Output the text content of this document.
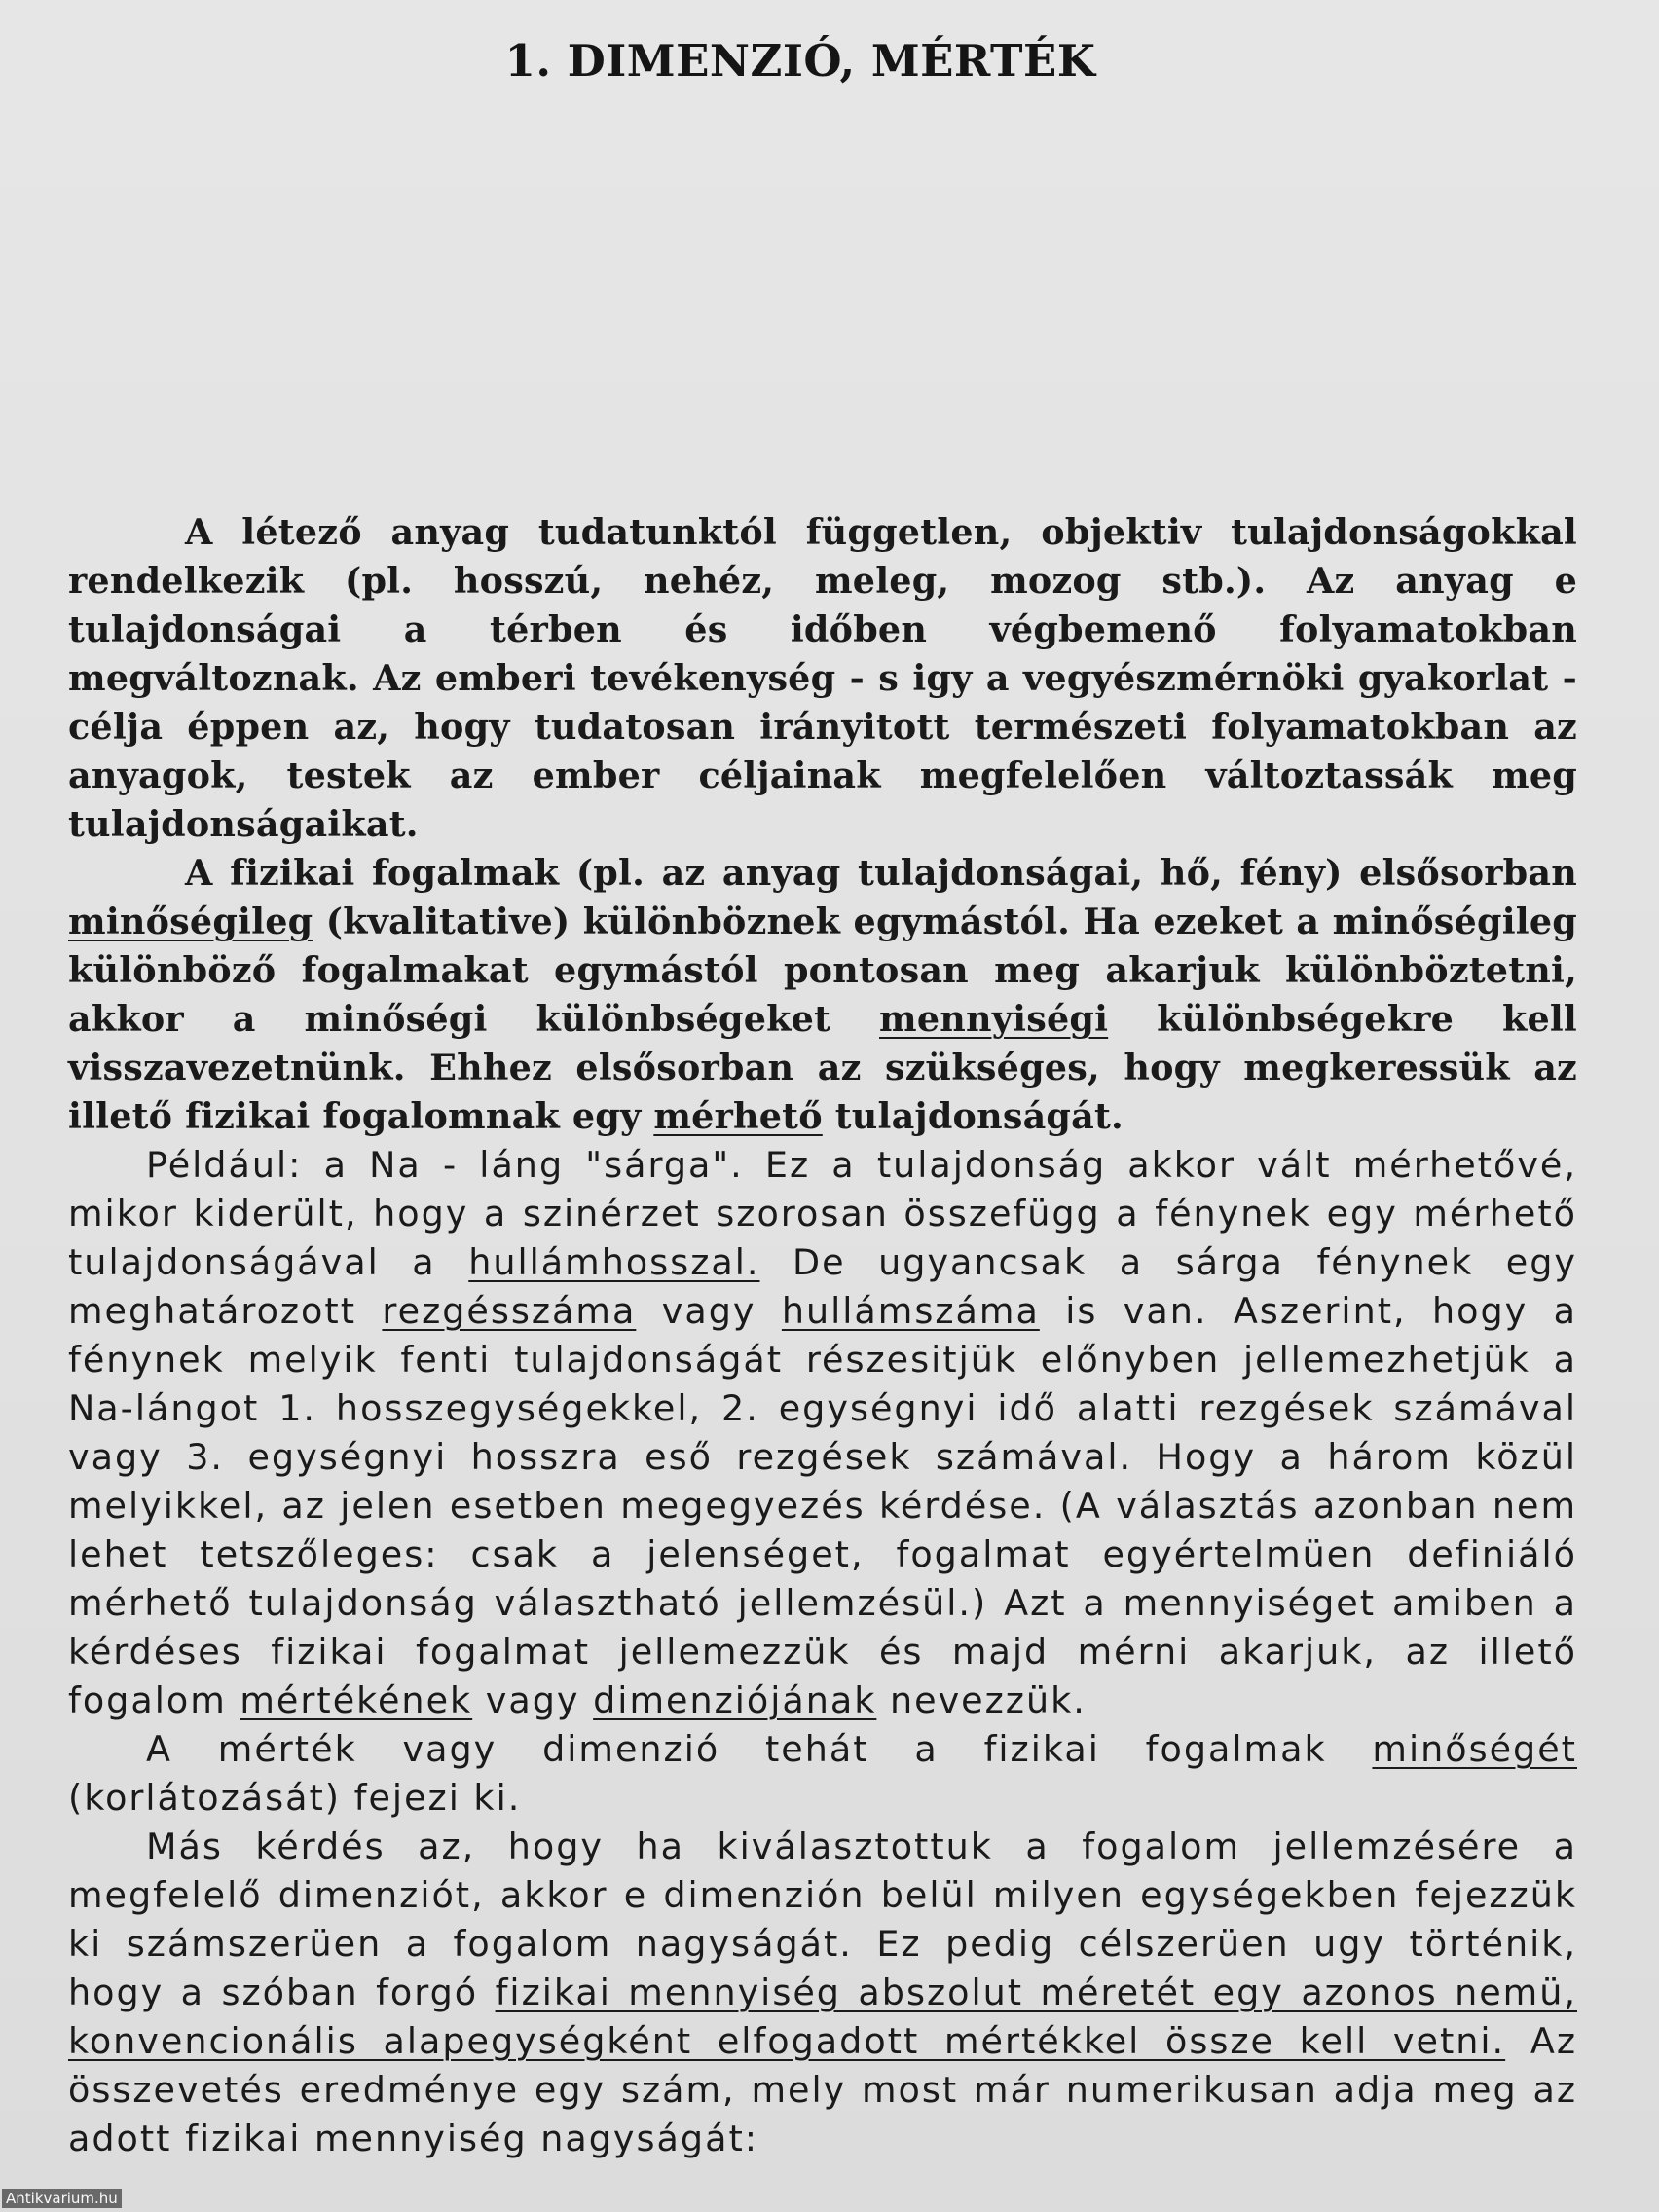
1. DIMENZIÓ, MÉRTÉK

A létező anyag tudatunktól független, objektiv tulajdonságokkal rendelkezik (pl. hosszú, nehéz, meleg, mozog stb.). Az anyag e tulajdonságai a térben és időben végbemenő folyamatokban megváltoznak. Az emberi tevékenység - s igy a vegyészmérnöki gyakorlat - célja éppen az, hogy tudatosan irányitott természeti folyamatokban az anyagok, testek az ember céljainak megfelelően változtassák meg tulajdonságaikat.

A fizikai fogalmak (pl. az anyag tulajdonságai, hő, fény) elsősorban minőségileg (kvalitative) különböznek egymástól. Ha ezeket a minőségileg különböző fogalmakat egymástól pontosan meg akarjuk különböztetni, akkor a minőségi különbségeket mennyiségi különbségekre kell visszavezetnünk. Ehhez elsősorban az szükséges, hogy megkeressük az illető fizikai fogalomnak egy mérhető tulajdonságát.

Például: a Na - láng "sárga". Ez a tulajdonság akkor vált mérhetővé, mikor kiderült, hogy a szinérzet szorosan összefügg a fénynek egy mérhető tulajdonságával a hullámhosszal. De ugyancsak a sárga fénynek egy meghatározott rezgésszáma vagy hullámszáma is van. Aszerint, hogy a fénynek melyik fenti tulajdonságát részesitjük előnyben jellemezhetjük a Na-lángot 1. hosszegységekkel, 2. egységnyi idő alatti rezgések számával vagy 3. egységnyi hosszra eső rezgések számával. Hogy a három közül melyikkel, az jelen esetben megegyezés kérdése. (A választás azonban nem lehet tetszőleges: csak a jelenséget, fogalmat egyértelmüen definiáló mérhető tulajdonság választható jellemzésül.) Azt a mennyiséget amiben a kérdéses fizikai fogalmat jellemezzük és majd mérni akarjuk, az illető fogalom mértékének vagy dimenziójának nevezzük.

A mérték vagy dimenzió tehát a fizikai fogalmak minőségét (korlátozását) fejezi ki.

Más kérdés az, hogy ha kiválasztottuk a fogalom jellemzésére a megfelelő dimenziót, akkor e dimenzión belül milyen egységekben fejezzük ki számszerüen a fogalom nagyságát. Ez pedig célszerüen ugy történik, hogy a szóban forgó fizikai mennyiség abszolut méretét egy azonos nemü, konvencionális alapegységként elfogadott mértékkel össze kell vetni. Az összevetés eredménye egy szám, mely most már numerikusan adja meg az adott fizikai mennyiség nagyságát:

Antikvarium.hu
